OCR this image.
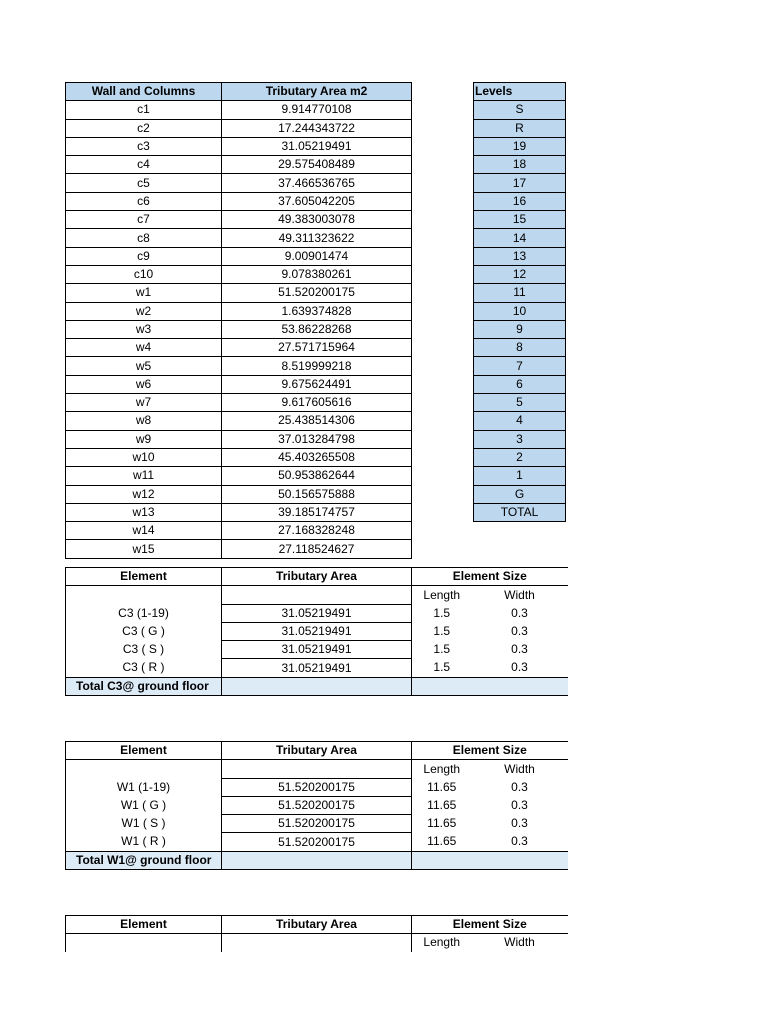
Wall and Columns	Tributary Area m2
c1	9.914770108
c2	17.244343722
c3	31.05219491
c4	29.575408489
c5	37.466536765
c6	37.605042205
c7	49.383003078
c8	49.311323622
c9	9.00901474
c10	9.078380261
w1	51.520200175
w2	1.639374828
w3	53.86228268
w4	27.571715964
w5	8.519999218
w6	9.675624491
w7	9.617605616
w8	25.438514306
w9	37.013284798
w10	45.403265508
w11	50.953862644
w12	50.156575888
w13	39.185174757
w14	27.168328248
w15	27.118524627
Levels
S
R
19
18
17
16
15
14
13
12
11
10
9
8
7
6
5
4
3
2
1
G
TOTAL
Element	Tributary Area	Element Size	
		Length	Width
C3 (1-19)	31.05219491	1.5	0.3
C3 ( G )	31.05219491	1.5	0.3
C3 ( S )	31.05219491	1.5	0.3
C3 ( R )	31.05219491	1.5	0.3
Total C3@ ground floor			
Element	Tributary Area	Element Size	
		Length	Width
W1 (1-19)	51.520200175	11.65	0.3
W1 ( G )	51.520200175	11.65	0.3
W1 ( S )	51.520200175	11.65	0.3
W1 ( R )	51.520200175	11.65	0.3
Total W1@ ground floor			
Element	Tributary Area	Element Size	
		Length	Width
